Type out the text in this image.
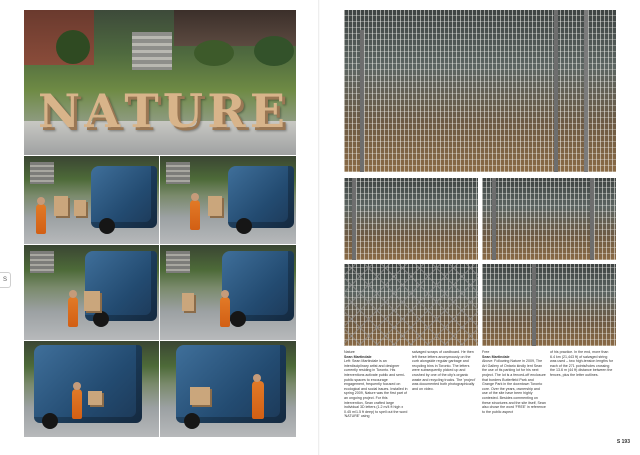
N A T U R E
S
S 193
Nature
Sean Martindale

Left: Sean Martindale is an interdisciplinary artist and designer currently residing in Toronto. His interventions activate public and semi-public spaces to encourage engagement, frequently focused on ecological and social issues. Installed in spring 2009, Nature was the first part of an ongoing project. For this intervention, Sean crafted large individual 3D letters (1.2 m/4 ft high x 0.45 m/1.5 ft deep) to spell out the word 'NATURE' using

salvaged scraps of cardboard. He then left these letters anonymously on the curb alongside regular garbage and recycling bins in Toronto. The letters were subsequently picked up and crushed by one of the city's organic waste and recycling trucks. The 'project' was documented both photographically and on video.

Free
Sean Martindale

Above: Following Nature in 2009, The Art Gallery of Ontario kindly lent Sean the use of its parking lot for his next project. The lot is a fenced-off enclosure that borders Butterfield Park and Grange Park in the downtown Toronto core. Over the years, ownership and use of the site have been highly contested. Besides commenting on these structures and the site itself, Sean also chose the word 'FREE' in reference to the public aspect

of his practice. In the end, more than 6.4 km (21,443 ft) of salvaged string was used – two high-tension lengths for each of the 271 points/holes crossing the 13.6 m (44 ft) distance between the fences, plus the letter outlines.
